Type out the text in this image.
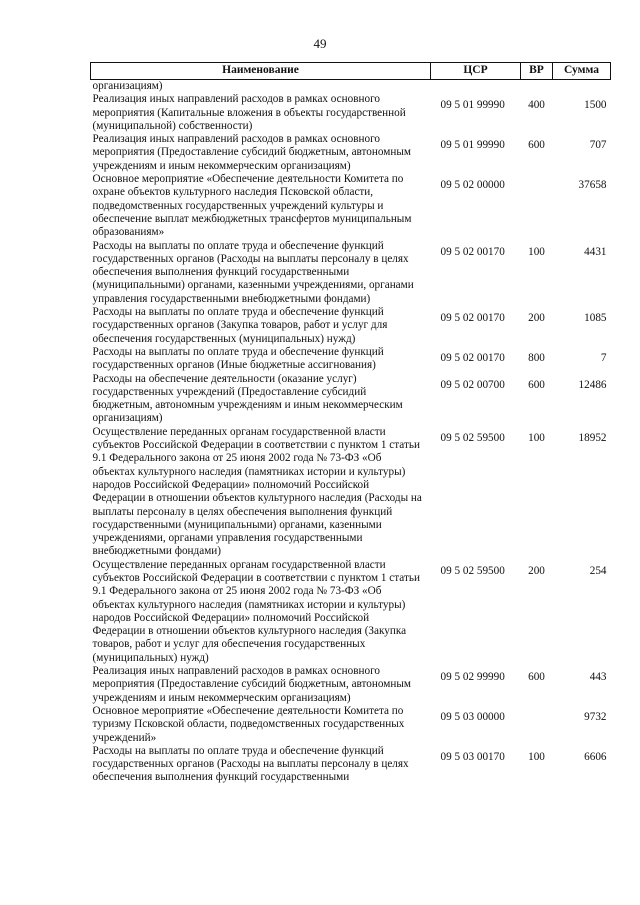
49
Наименование	ЦСР	ВР	Сумма
организациям)			
Реализация иных направлений расходов в рамках основного мероприятия (Капитальные вложения в объекты государственной (муниципальной) собственности)	09 5 01 99990	400	1500
Реализация иных направлений расходов в рамках основного мероприятия (Предоставление субсидий бюджетным, автономным учреждениям и иным некоммерческим организациям)	09 5 01 99990	600	707
Основное мероприятие «Обеспечение деятельности Комитета по охране объектов культурного наследия Псковской области, подведомственных государственных учреждений культуры и обеспечение выплат межбюджетных трансфертов муниципальным образованиям»	09 5 02 00000		37658
Расходы на выплаты по оплате труда и обеспечение функций государственных органов (Расходы на выплаты персоналу в целях обеспечения выполнения функций государственными (муниципальными) органами, казенными учреждениями, органами управления государственными внебюджетными фондами)	09 5 02 00170	100	4431
Расходы на выплаты по оплате труда и обеспечение функций государственных органов (Закупка товаров, работ и услуг для обеспечения государственных (муниципальных) нужд)	09 5 02 00170	200	1085
Расходы на выплаты по оплате труда и обеспечение функций государственных органов (Иные бюджетные ассигнования)	09 5 02 00170	800	7
Расходы на обеспечение деятельности (оказание услуг) государственных учреждений (Предоставление субсидий бюджетным, автономным учреждениям и иным некоммерческим организациям)	09 5 02 00700	600	12486
Осуществление переданных органам государственной власти субъектов Российской Федерации в соответствии с пунктом 1 статьи 9.1 Федерального закона от 25 июня 2002 года № 73-ФЗ «Об объектах культурного наследия (памятниках истории и культуры) народов Российской Федерации» полномочий Российской Федерации в отношении объектов культурного наследия (Расходы на выплаты персоналу в целях обеспечения выполнения функций государственными (муниципальными) органами, казенными учреждениями, органами управления государственными внебюджетными фондами)	09 5 02 59500	100	18952
Осуществление переданных органам государственной власти субъектов Российской Федерации в соответствии с пунктом 1 статьи 9.1 Федерального закона от 25 июня 2002 года № 73-ФЗ «Об объектах культурного наследия (памятниках истории и культуры) народов Российской Федерации» полномочий Российской Федерации в отношении объектов культурного наследия (Закупка товаров, работ и услуг для обеспечения государственных (муниципальных) нужд)	09 5 02 59500	200	254
Реализация иных направлений расходов в рамках основного мероприятия (Предоставление субсидий бюджетным, автономным учреждениям и иным некоммерческим организациям)	09 5 02 99990	600	443
Основное мероприятие «Обеспечение деятельности Комитета по туризму Псковской области, подведомственных государственных учреждений»	09 5 03 00000		9732
Расходы на выплаты по оплате труда и обеспечение функций государственных органов (Расходы на выплаты персоналу в целях обеспечения выполнения функций государственными	09 5 03 00170	100	6606
